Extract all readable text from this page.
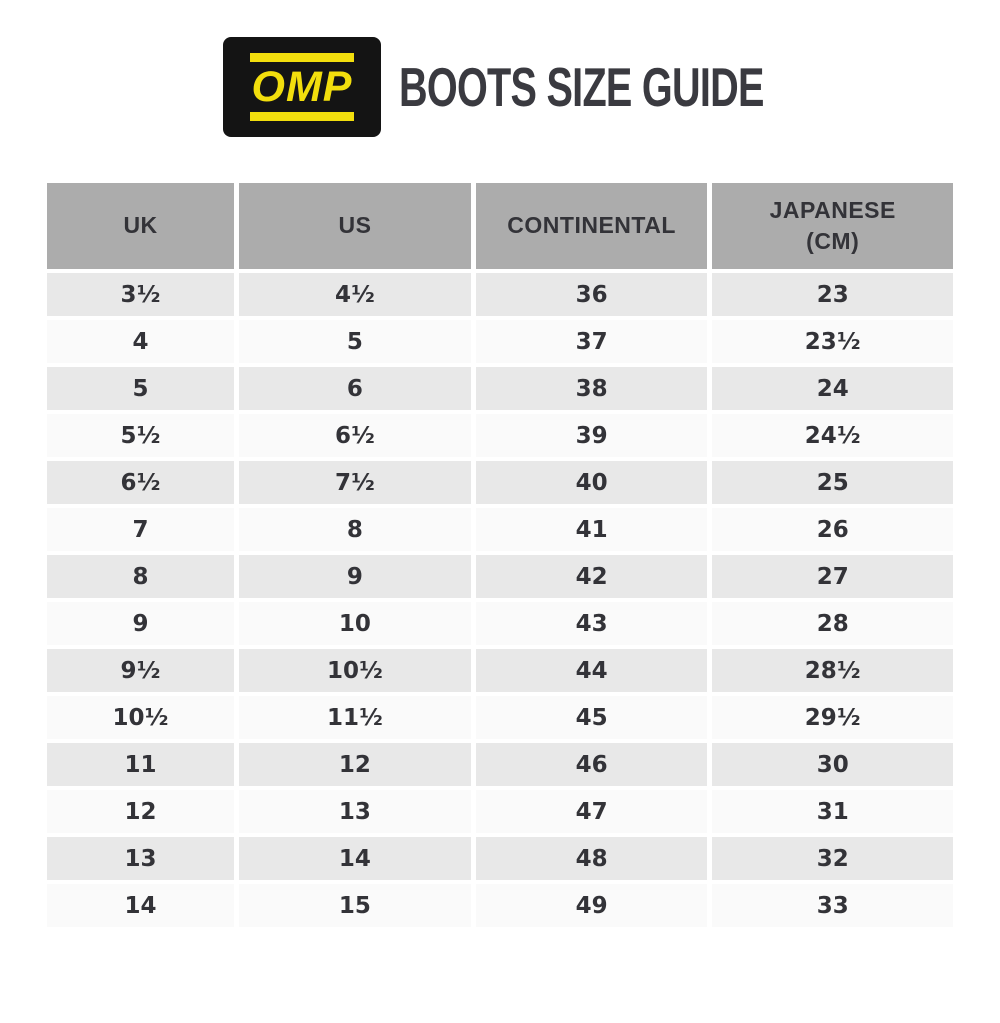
OMP BOOTS SIZE GUIDE
UK	US	CONTINENTAL	JAPANESE
(CM)

3¹⁄₂	4¹⁄₂	36	23
4	5	37	23¹⁄₂
5	6	38	24
5¹⁄₂	6¹⁄₂	39	24¹⁄₂
6¹⁄₂	7¹⁄₂	40	25
7	8	41	26
8	9	42	27
9	10	43	28
9¹⁄₂	10¹⁄₂	44	28¹⁄₂
10¹⁄₂	11¹⁄₂	45	29¹⁄₂
11	12	46	30
12	13	47	31
13	14	48	32
14	15	49	33
